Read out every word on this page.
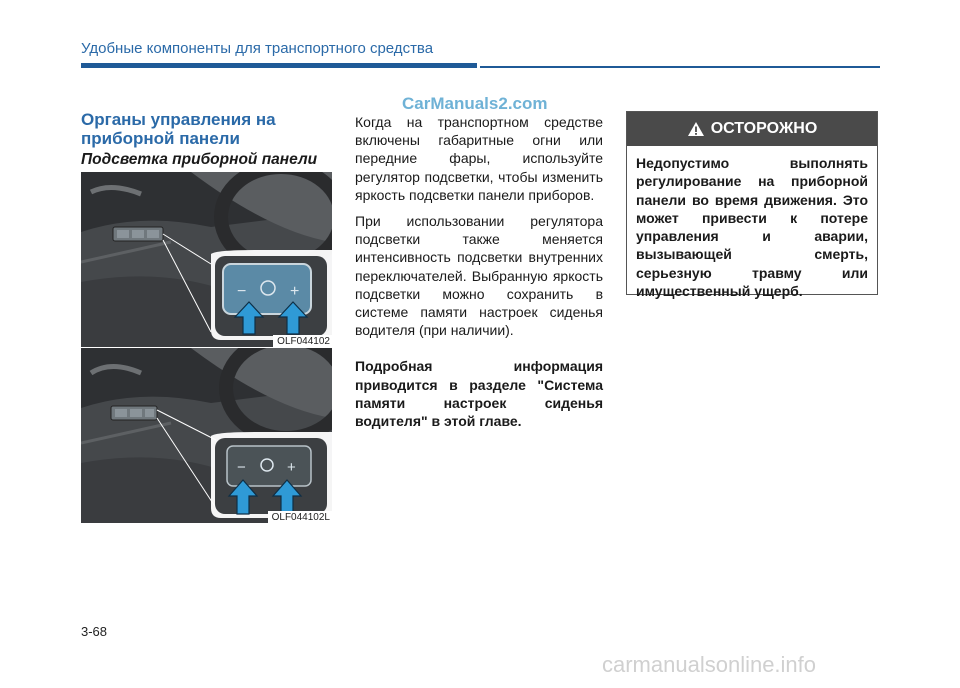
Удобные компоненты для транспортного средства
CarManuals2.com
Органы управления на приборной панели
Подсветка приборной панели
−	+
OLF044102
−	+
OLF044102L

Когда на транспортном средстве включены габаритные огни или передние фары, используйте регулятор подсветки, чтобы изменить яркость подсветки панели приборов.

При использовании регулятора подсветки также меняется интенсивность подсветки внутренних переключателей. Выбранную яркость подсветки можно сохранить в системе памяти настроек сиденья водителя (при наличии).

Подробная информация приводится в разделе "Система памяти настроек сиденья водителя" в этой главе.

ОСТОРОЖНО
Недопустимо выполнять регулирование на приборной панели во время движения. Это может привести к потере управления и аварии, вызывающей смерть, серьезную травму или имущественный ущерб.
3-68
carmanualsonline.info
